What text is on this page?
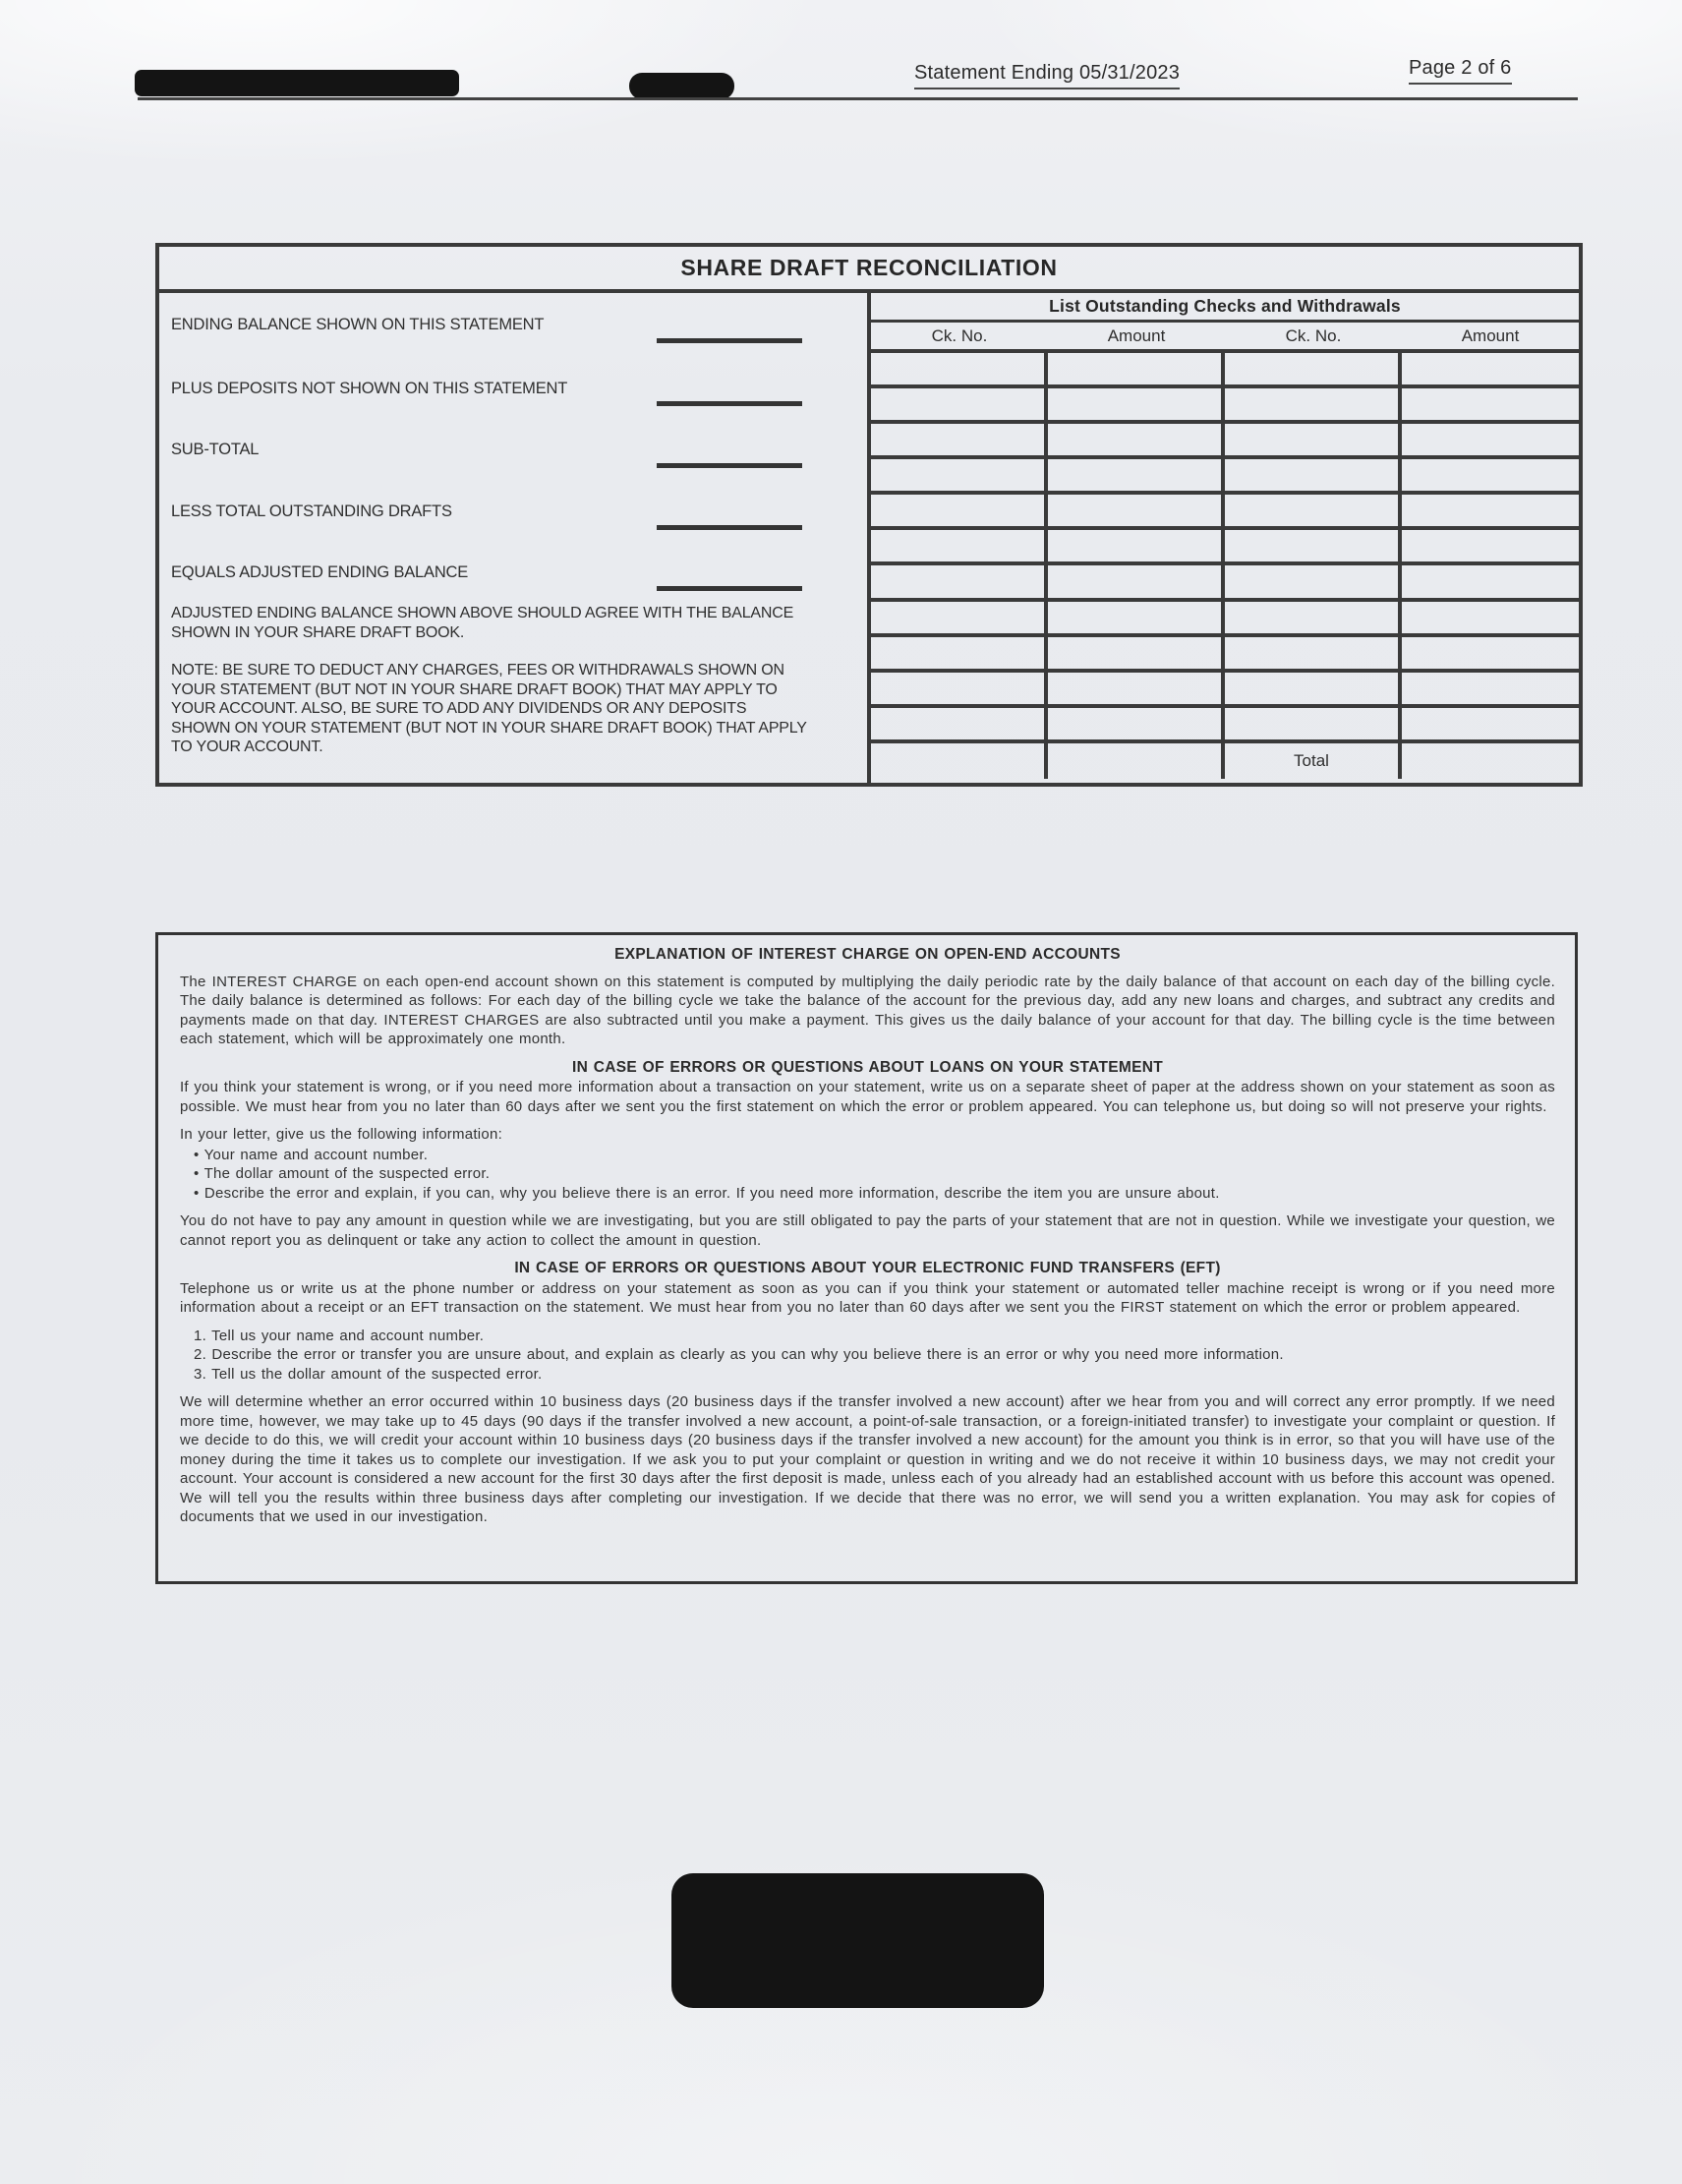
Statement Ending 05/31/2023	Page 2 of 6
SHARE DRAFT RECONCILIATION
ENDING BALANCE SHOWN ON THIS STATEMENT
PLUS DEPOSITS NOT SHOWN ON THIS STATEMENT
SUB-TOTAL
LESS TOTAL OUTSTANDING DRAFTS
EQUALS ADJUSTED ENDING BALANCE

ADJUSTED ENDING BALANCE SHOWN ABOVE SHOULD AGREE WITH THE BALANCE SHOWN IN YOUR SHARE DRAFT BOOK.

NOTE: BE SURE TO DEDUCT ANY CHARGES, FEES OR WITHDRAWALS SHOWN ON YOUR STATEMENT (BUT NOT IN YOUR SHARE DRAFT BOOK) THAT MAY APPLY TO YOUR ACCOUNT. ALSO, BE SURE TO ADD ANY DIVIDENDS OR ANY DEPOSITS SHOWN ON YOUR STATEMENT (BUT NOT IN YOUR SHARE DRAFT BOOK) THAT APPLY TO YOUR ACCOUNT.

List Outstanding Checks and Withdrawals
Ck. No.	Amount	Ck. No.	Amount
Total
EXPLANATION OF INTEREST CHARGE ON OPEN-END ACCOUNTS

The INTEREST CHARGE on each open-end account shown on this statement is computed by multiplying the daily periodic rate by the daily balance of that account on each day of the billing cycle. The daily balance is determined as follows: For each day of the billing cycle we take the balance of the account for the previous day, add any new loans and charges, and subtract any credits and payments made on that day. INTEREST CHARGES are also subtracted until you make a payment. This gives us the daily balance of your account for that day. The billing cycle is the time between each statement, which will be approximately one month.

IN CASE OF ERRORS OR QUESTIONS ABOUT LOANS ON YOUR STATEMENT

If you think your statement is wrong, or if you need more information about a transaction on your statement, write us on a separate sheet of paper at the address shown on your statement as soon as possible. We must hear from you no later than 60 days after we sent you the first statement on which the error or problem appeared. You can telephone us, but doing so will not preserve your rights.

In your letter, give us the following information:

• Your name and account number.
• The dollar amount of the suspected error.
• Describe the error and explain, if you can, why you believe there is an error. If you need more information, describe the item you are unsure about.

You do not have to pay any amount in question while we are investigating, but you are still obligated to pay the parts of your statement that are not in question. While we investigate your question, we cannot report you as delinquent or take any action to collect the amount in question.

IN CASE OF ERRORS OR QUESTIONS ABOUT YOUR ELECTRONIC FUND TRANSFERS (EFT)

Telephone us or write us at the phone number or address on your statement as soon as you can if you think your statement or automated teller machine receipt is wrong or if you need more information about a receipt or an EFT transaction on the statement. We must hear from you no later than 60 days after we sent you the FIRST statement on which the error or problem appeared.

1. Tell us your name and account number.
2. Describe the error or transfer you are unsure about, and explain as clearly as you can why you believe there is an error or why you need more information.
3. Tell us the dollar amount of the suspected error.

We will determine whether an error occurred within 10 business days (20 business days if the transfer involved a new account) after we hear from you and will correct any error promptly. If we need more time, however, we may take up to 45 days (90 days if the transfer involved a new account, a point-of-sale transaction, or a foreign-initiated transfer) to investigate your complaint or question. If we decide to do this, we will credit your account within 10 business days (20 business days if the transfer involved a new account) for the amount you think is in error, so that you will have use of the money during the time it takes us to complete our investigation. If we ask you to put your complaint or question in writing and we do not receive it within 10 business days, we may not credit your account. Your account is considered a new account for the first 30 days after the first deposit is made, unless each of you already had an established account with us before this account was opened. We will tell you the results within three business days after completing our investigation. If we decide that there was no error, we will send you a written explanation. You may ask for copies of documents that we used in our investigation.
